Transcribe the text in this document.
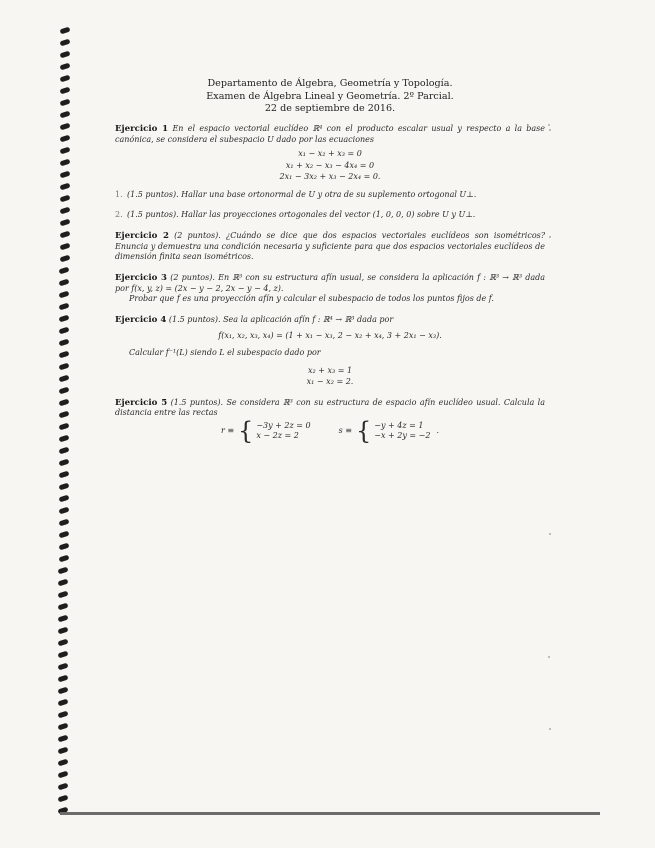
Departamento de Álgebra, Geometría y Topología.
Examen de Álgebra Lineal y Geometría. 2º Parcial.
22 de septiembre de 2016.

Ejercicio 1 En el espacio vectorial euclídeo ℝ⁴ con el producto escalar usual y respecto a la base canónica, se considera el subespacio U dado por las ecuaciones

x₁ − x₂ + x₃ = 0
x₁ + x₂ − x₃ − 4x₄ = 0
2x₁ − 3x₂ + x₃ − 2x₄ = 0.
1. (1.5 puntos). Hallar una base ortonormal de U y otra de su suplemento ortogonal U⊥.
2. (1.5 puntos). Hallar las proyecciones ortogonales del vector (1, 0, 0, 0) sobre U y U⊥.

Ejercicio 2 (2 puntos). ¿Cuándo se dice que dos espacios vectoriales euclídeos son isométricos? Enuncia y demuestra una condición necesaria y suficiente para que dos espacios vectoriales euclídeos de dimensión finita sean isométricos.

Ejercicio 3 (2 puntos). En ℝ³ con su estructura afín usual, se considera la aplicación f : ℝ³ → ℝ³ dada por f(x, y, z) = (2x − y − 2, 2x − y − 4, z).

Probar que f es una proyección afín y calcular el subespacio de todos los puntos fijos de f.

Ejercicio 4 (1.5 puntos). Sea la aplicación afín f : ℝ⁴ → ℝ³ dada por

f(x₁, x₂, x₃, x₄) = (1 + x₁ − x₃, 2 − x₂ + x₄, 3 + 2x₁ − x₃).

Calcular f⁻¹(L) siendo L el subespacio dado por

x₂ + x₃ = 1
x₁ − x₂ = 2.

Ejercicio 5 (1.5 puntos). Se considera ℝ³ con su estructura de espacio afín euclídeo usual. Calcula la distancia entre las rectas

r ≡ { −3y + 2z = 0
x − 2z = 2
s ≡ { −y + 4z = 1
−x + 2y = −2
.
